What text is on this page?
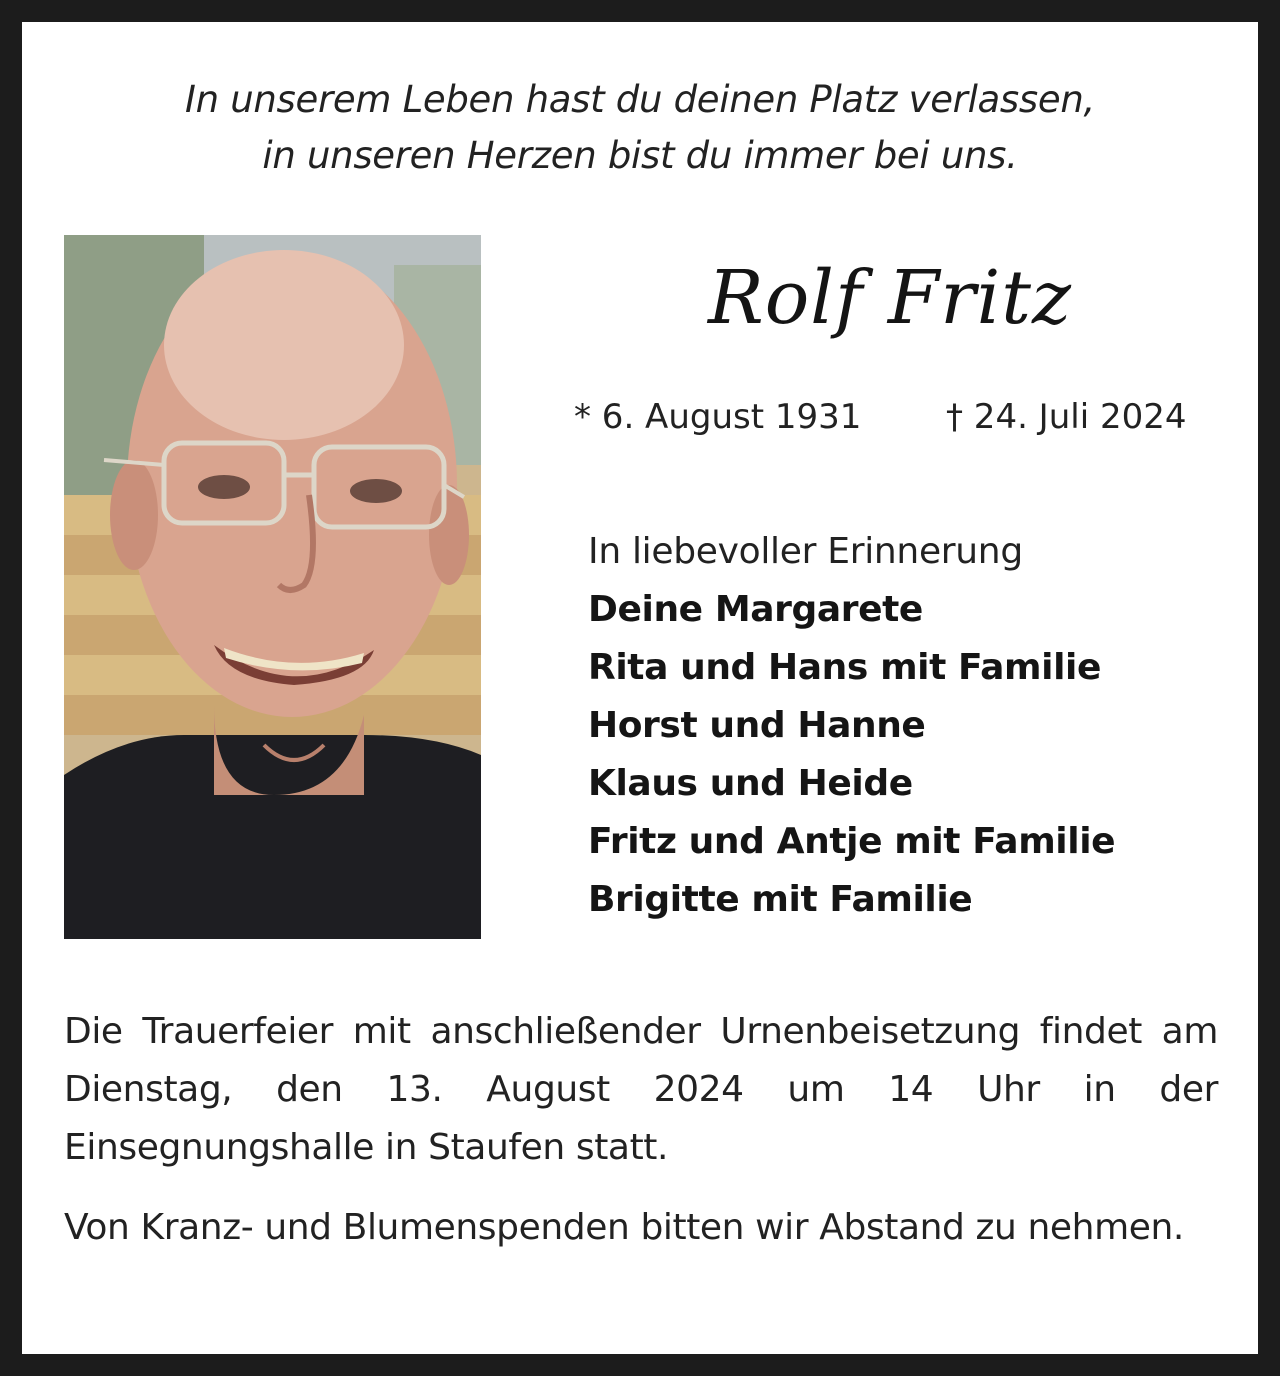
In unserem Leben hast du deinen Platz verlassen,
in unseren Herzen bist du immer bei uns.
Rolf Fritz
* 6. August 1931 † 24. Juli 2024
In liebevoller Erinnerung
Deine Margarete
Rita und Hans mit Familie
Horst und Hanne
Klaus und Heide
Fritz und Antje mit Familie
Brigitte mit Familie

Die Trauerfeier mit anschließender Urnenbeisetzung findet am Dienstag, den 13. August 2024 um 14 Uhr in der Einsegnungshalle in Staufen statt.

Von Kranz- und Blumenspenden bitten wir Abstand zu nehmen.
